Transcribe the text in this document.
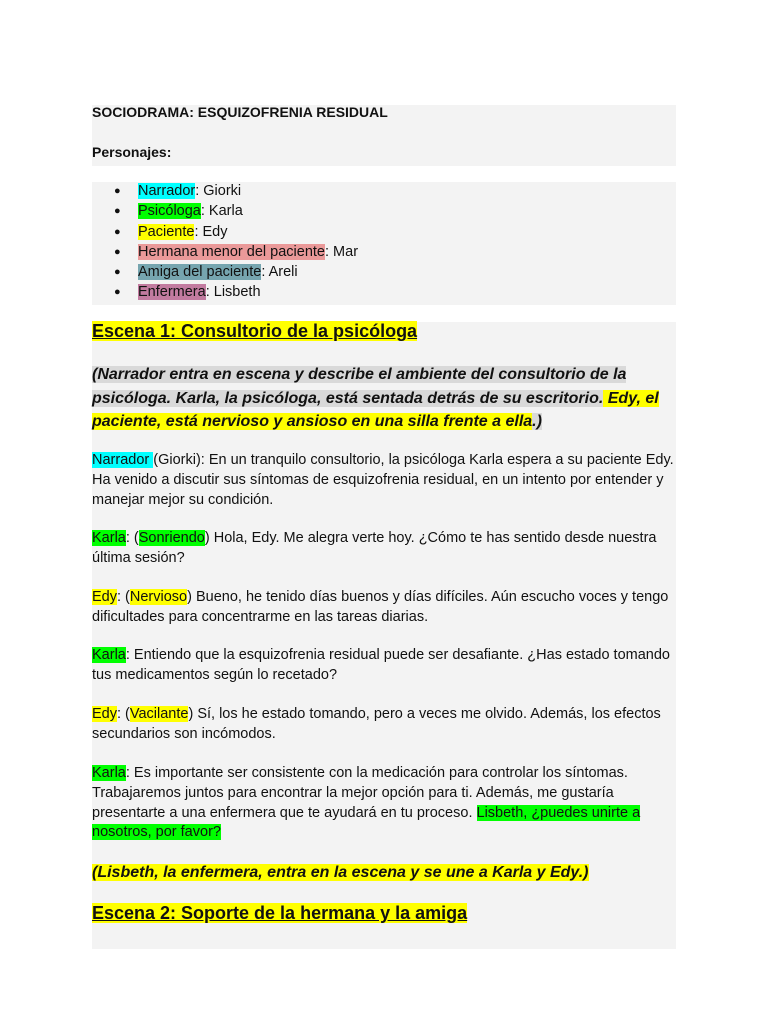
SOCIODRAMA: ESQUIZOFRENIA RESIDUAL
Personajes:
● Narrador: Giorki
● Psicóloga: Karla
● Paciente: Edy
● Hermana menor del paciente: Mar
● Amiga del paciente: Areli
● Enfermera: Lisbeth
Escena 1: Consultorio de la psicóloga
(Narrador entra en escena y describe el ambiente del consultorio de la psicóloga. Karla, la psicóloga, está sentada detrás de su escritorio. Edy, el paciente, está nervioso y ansioso en una silla frente a ella.)
Narrador (Giorki): En un tranquilo consultorio, la psicóloga Karla espera a su paciente Edy. Ha venido a discutir sus síntomas de esquizofrenia residual, en un intento por entender y manejar mejor su condición.
Karla: (Sonriendo) Hola, Edy. Me alegra verte hoy. ¿Cómo te has sentido desde nuestra última sesión?
Edy: (Nervioso) Bueno, he tenido días buenos y días difíciles. Aún escucho voces y tengo dificultades para concentrarme en las tareas diarias.
Karla: Entiendo que la esquizofrenia residual puede ser desafiante. ¿Has estado tomando tus medicamentos según lo recetado?
Edy: (Vacilante) Sí, los he estado tomando, pero a veces me olvido. Además, los efectos secundarios son incómodos.
Karla: Es importante ser consistente con la medicación para controlar los síntomas. Trabajaremos juntos para encontrar la mejor opción para ti. Además, me gustaría presentarte a una enfermera que te ayudará en tu proceso. Lisbeth, ¿puedes unirte a nosotros, por favor?
(Lisbeth, la enfermera, entra en la escena y se une a Karla y Edy.)
Escena 2: Soporte de la hermana y la amiga
